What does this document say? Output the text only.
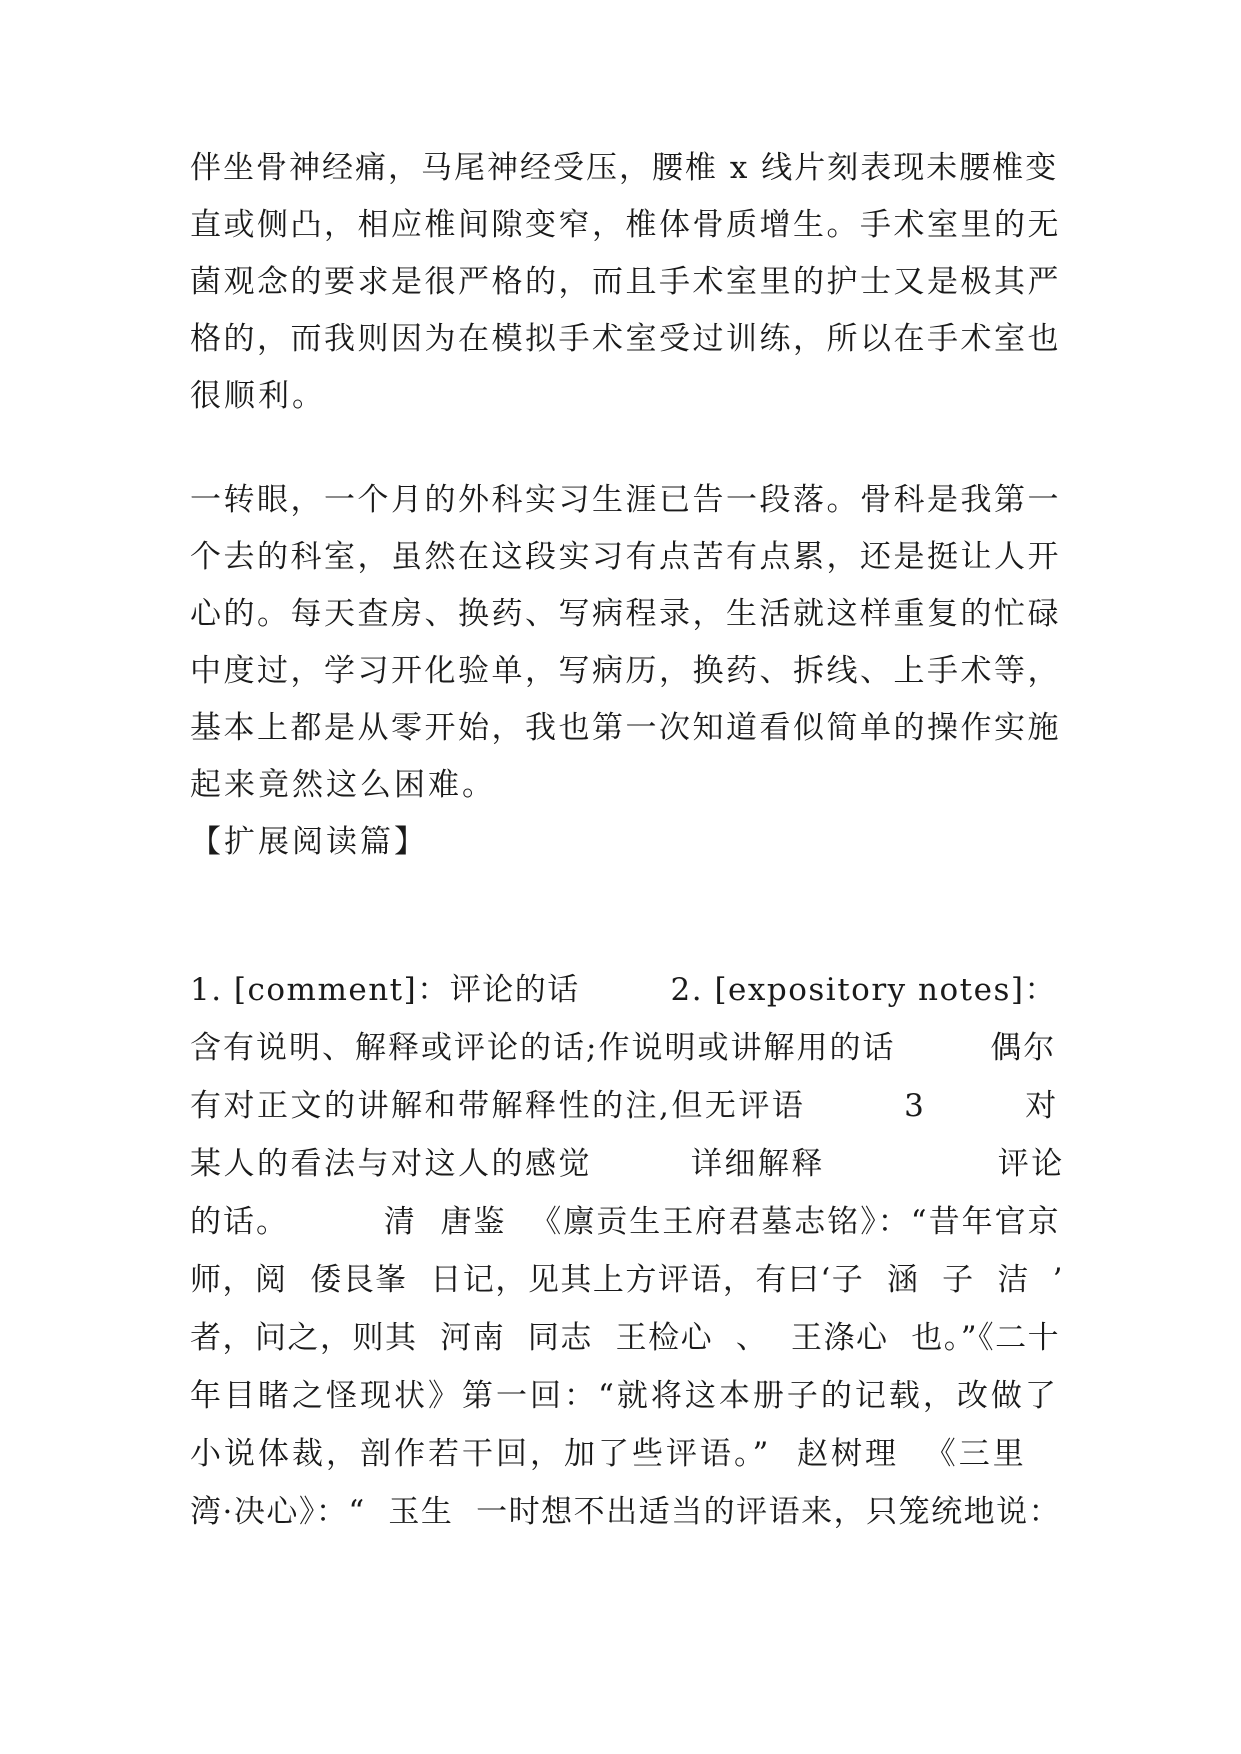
伴坐骨神经痛，马尾神经受压，腰椎 x 线片刻表现未腰椎变
直或侧凸，相应椎间隙变窄，椎体骨质增生。手术室里的无
菌观念的要求是很严格的，而且手术室里的护士又是极其严
格的，而我则因为在模拟手术室受过训练，所以在手术室也
很顺利。
一转眼，一个月的外科实习生涯已告一段落。骨科是我第一
个去的科室，虽然在这段实习有点苦有点累，还是挺让人开
心的。每天查房、换药、写病程录，生活就这样重复的忙碌
中度过，学习开化验单，写病历，换药、拆线、上手术等，
基本上都是从零开始，我也第一次知道看似简单的操作实施
起来竟然这么困难。
【扩展阅读篇】
1. [comment]：评论的话        2. [expository notes]：
含有说明、解释或评论的话;作说明或讲解用的话        偶尔
有对正文的讲解和带解释性的注,但无评语        3        对
某人的看法与对这人的感觉        详细解释              评论
的话。        清  唐鉴  《廪贡生王府君墓志铭》：“昔年官京
师，阅  倭艮峯  日记，见其上方评语，有曰‘子  涵  子  洁  ’
者，问之，则其  河南  同志  王检心  、  王涤心  也。”《二十
年目睹之怪现状》第一回：“就将这本册子的记载，改做了
小说体裁，剖作若干回，加了些评语。”  赵树理  《三里
湾·决心》：“  玉生  一时想不出适当的评语来，只笼统地说：
